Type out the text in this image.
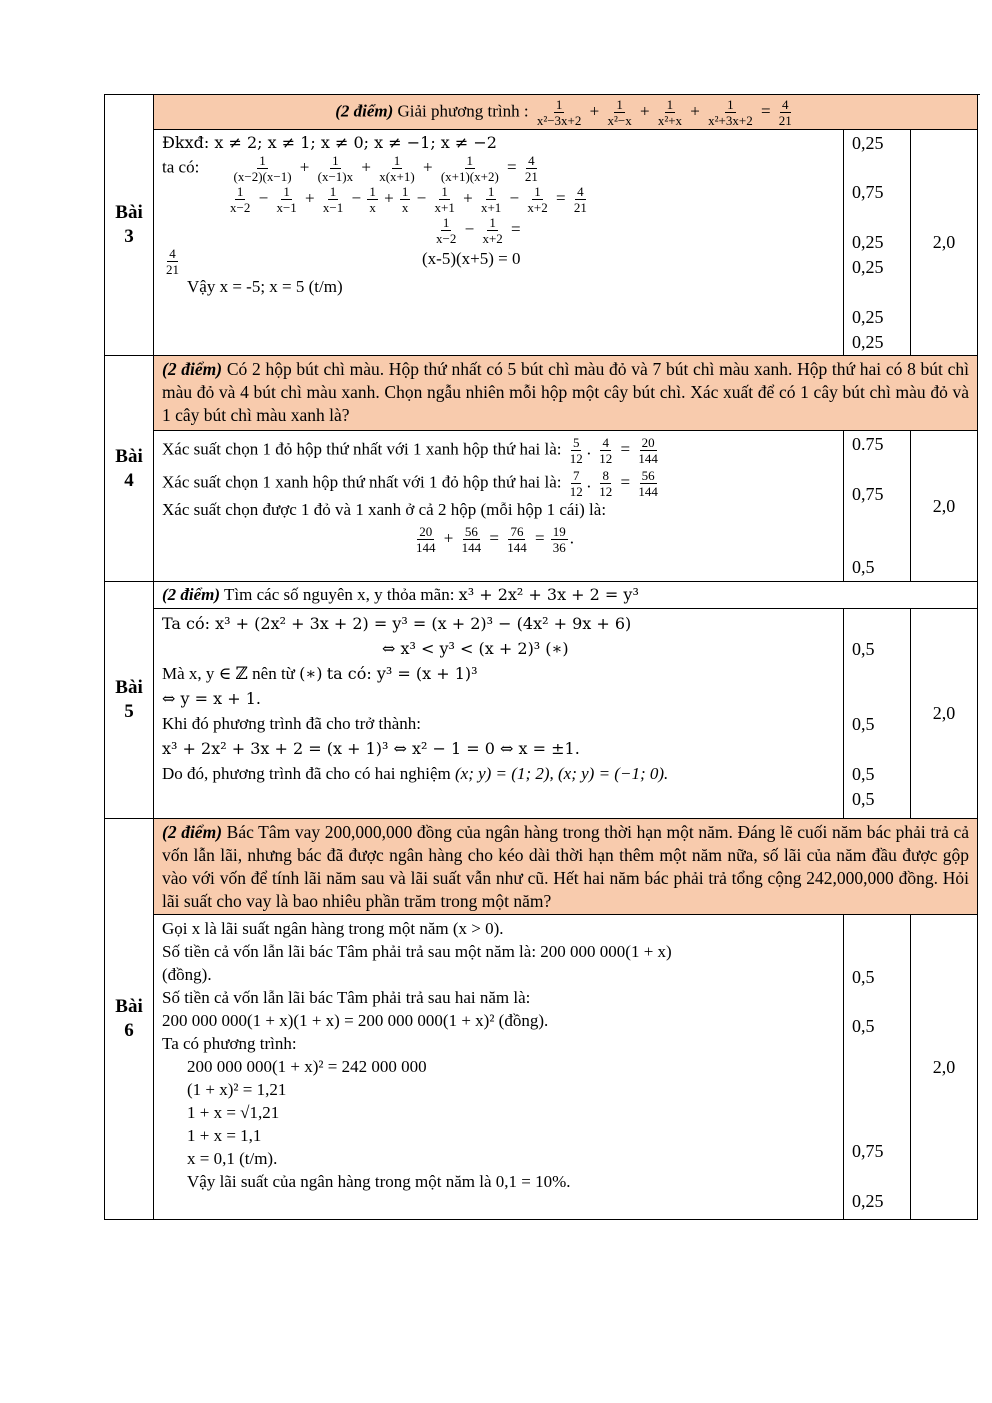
Bài
3
(2 điểm) Giải phương trình : $\frac{1}{\text{x²−3x+2}} + \frac{1}{\text{x²−x}} + \frac{1}{\text{x²+x}} + \frac{1}{\text{x²+3x+2}} = \frac{4}{21}$
Đkxđ: x ≠ 2; x ≠ 1; x ≠ 0; x ≠ −1; x ≠ −2
ta có: $\frac{1}{(x-2)(x-1)} + \frac{1}{(x-1)x} + \frac{1}{x(x+1)} + \frac{1}{(x+1)(x+2)} = \frac{4}{21}$
$\frac{1}{x-2} - \frac{1}{x-1} + \frac{1}{x-1} - \frac{1}{x} + \frac{1}{x} - \frac{1}{x+1} + \frac{1}{x+1} - \frac{1}{x+2} = \frac{4}{21}$
$\frac{1}{x-2} - \frac{1}{x+2}$ =
$\frac{4}{21}$	(x-5)(x+5) = 0
Vậy x = -5; x = 5 (t/m)
0,25
0,75
0,25
0,25
0,25
0,25
2,0
Bài
4
(2 điểm) Có 2 hộp bút chì màu. Hộp thứ nhất có 5 bút chì màu đỏ và 7 bút chì màu xanh. Hộp thứ hai có 8 bút chì màu đỏ và 4 bút chì màu xanh. Chọn ngẫu nhiên mỗi hộp một cây bút chì. Xác xuất để có 1 cây bút chì màu đỏ và 1 cây bút chì màu xanh là?
Xác suất chọn 1 đỏ hộp thứ nhất với 1 xanh hộp thứ hai là: $\frac{5}{12}$ . $\frac{4}{12} = \frac{20}{144}$
Xác suất chọn 1 xanh hộp thứ nhất với 1 đỏ hộp thứ hai là: $\frac{7}{12}$ . $\frac{8}{12} = \frac{56}{144}$
Xác suất chọn được 1 đỏ và 1 xanh ở cả 2 hộp (mỗi hộp 1 cái) là:
$\frac{20}{144} + \frac{56}{144} = \frac{76}{144} = \frac{19}{36}$ .
0.75
0,75
0,5
2,0
Bài
5
(2 điểm) Tìm các số nguyên x, y thỏa mãn: x³ + 2x² + 3x + 2 = y³
Ta có: x³ + (2x² + 3x + 2) = y³ = (x + 2)³ − (4x² + 9x + 6)
⇔ x³ < y³ < (x + 2)³ (∗)
Mà x, y ∈ ℤ nên từ (∗) ta có: y³ = (x + 1)³
⇔ y = x + 1.
Khi đó phương trình đã cho trở thành:
x³ + 2x² + 3x + 2 = (x + 1)³ ⇔ x² − 1 = 0 ⇔ x = ±1.
Do đó, phương trình đã cho có hai nghiệm (x; y) = (1; 2), (x; y) = (−1; 0).
0,5
0,5
0,5
0,5
2,0
Bài
6
(2 điểm) Bác Tâm vay 200,000,000 đồng của ngân hàng trong thời hạn một năm. Đáng lẽ cuối năm bác phải trả cả vốn lẫn lãi, nhưng bác đã được ngân hàng cho kéo dài thời hạn thêm một năm nữa, số lãi của năm đầu được gộp vào với vốn để tính lãi năm sau và lãi suất vẫn như cũ. Hết hai năm bác phải trả tổng cộng 242,000,000 đồng. Hỏi lãi suất cho vay là bao nhiêu phần trăm trong một năm?
Gọi x là lãi suất ngân hàng trong một năm (x > 0).
Số tiền cả vốn lẫn lãi bác Tâm phải trả sau một năm là: 200 000 000(1 + x)
(đồng).
Số tiền cả vốn lẫn lãi bác Tâm phải trả sau hai năm là:
200 000 000(1 + x)(1 + x) = 200 000 000(1 + x)² (đồng).
Ta có phương trình:
200 000 000(1 + x)² = 242 000 000
(1 + x)² = 1,21
1 + x = √1,21
1 + x = 1,1
x = 0,1 (t/m).
Vậy lãi suất của ngân hàng trong một năm là 0,1 = 10%.
0,5
0,5
0,75
0,25
2,0
